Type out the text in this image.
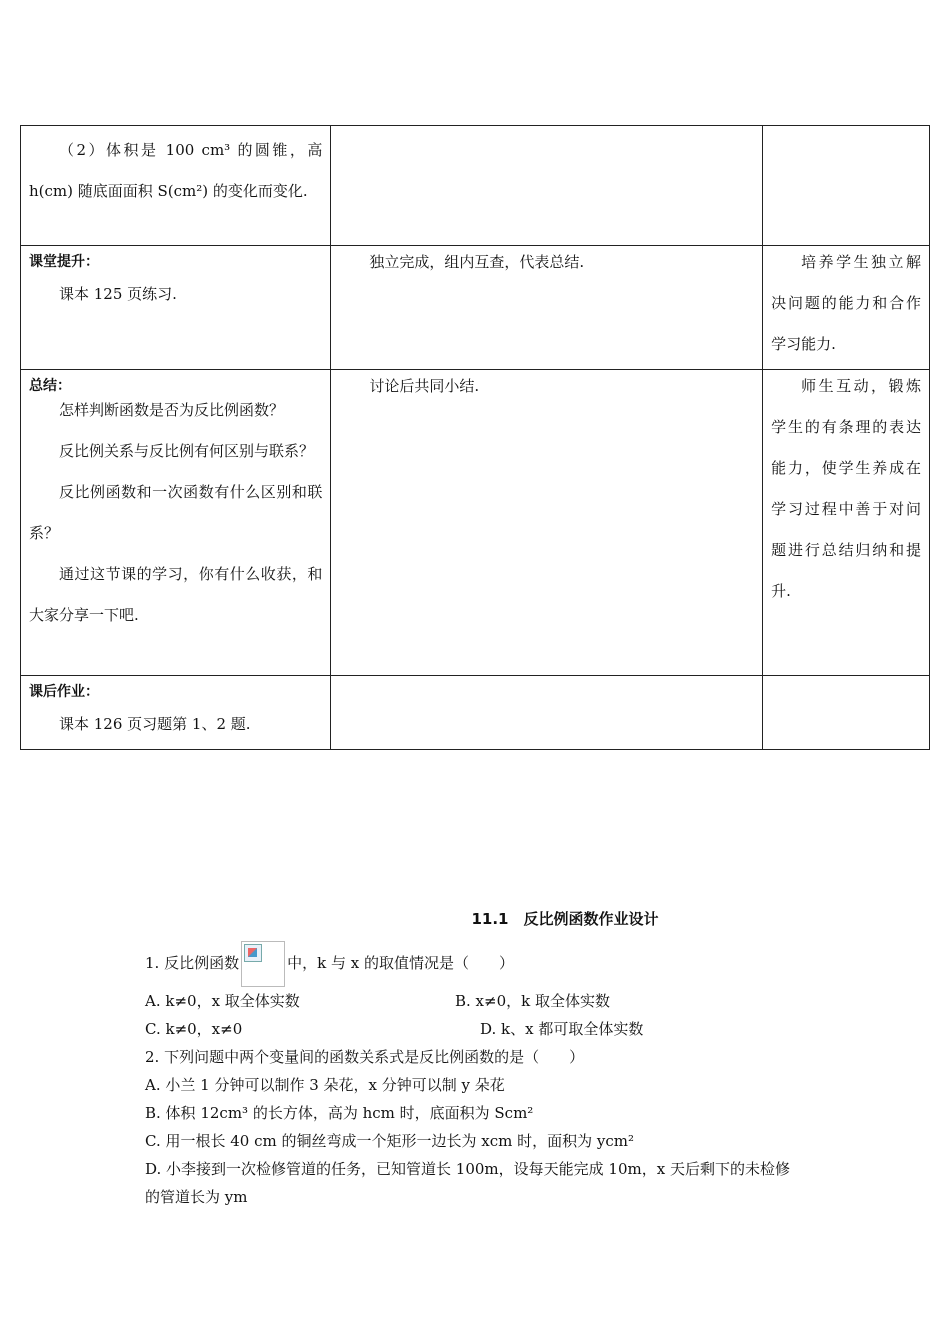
（2）体积是 100 cm³ 的圆锥，高 h(cm) 随底面面积 S(cm²) 的变化而变化.		

课堂提升：

课本 125 页练习.	独立完成，组内互查，代表总结.	培养学生独立解决问题的能力和合作学习能力.

总结：

怎样判断函数是否为反比例函数？

反比例关系与反比例有何区别与联系？

反比例函数和一次函数有什么区别和联系？

通过这节课的学习，你有什么收获，和大家分享一下吧.	讨论后共同小结.	师生互动，锻炼学生的有条理的表达能力，使学生养成在学习过程中善于对问题进行总结归纳和提升.

课后作业：

课本 126 页习题第 1、2 题.		

11.1　反比例函数作业设计

1. 反比例函数	中，k 与 x 的取值情况是（　　）

A. k≠0，x 取全体实数	B. x≠0，k 取全体实数
C. k≠0，x≠0	D. k、x 都可取全体实数

2. 下列问题中两个变量间的函数关系式是反比例函数的是（　　）

A. 小兰 1 分钟可以制作 3 朵花，x 分钟可以制 y 朵花

B. 体积 12cm³ 的长方体，高为 hcm 时，底面积为 Scm²

C. 用一根长 40 cm 的铜丝弯成一个矩形一边长为 xcm 时，面积为 ycm²

D. 小李接到一次检修管道的任务，已知管道长 100m，设每天能完成 10m，x 天后剩下的未检修的管道长为 ym
